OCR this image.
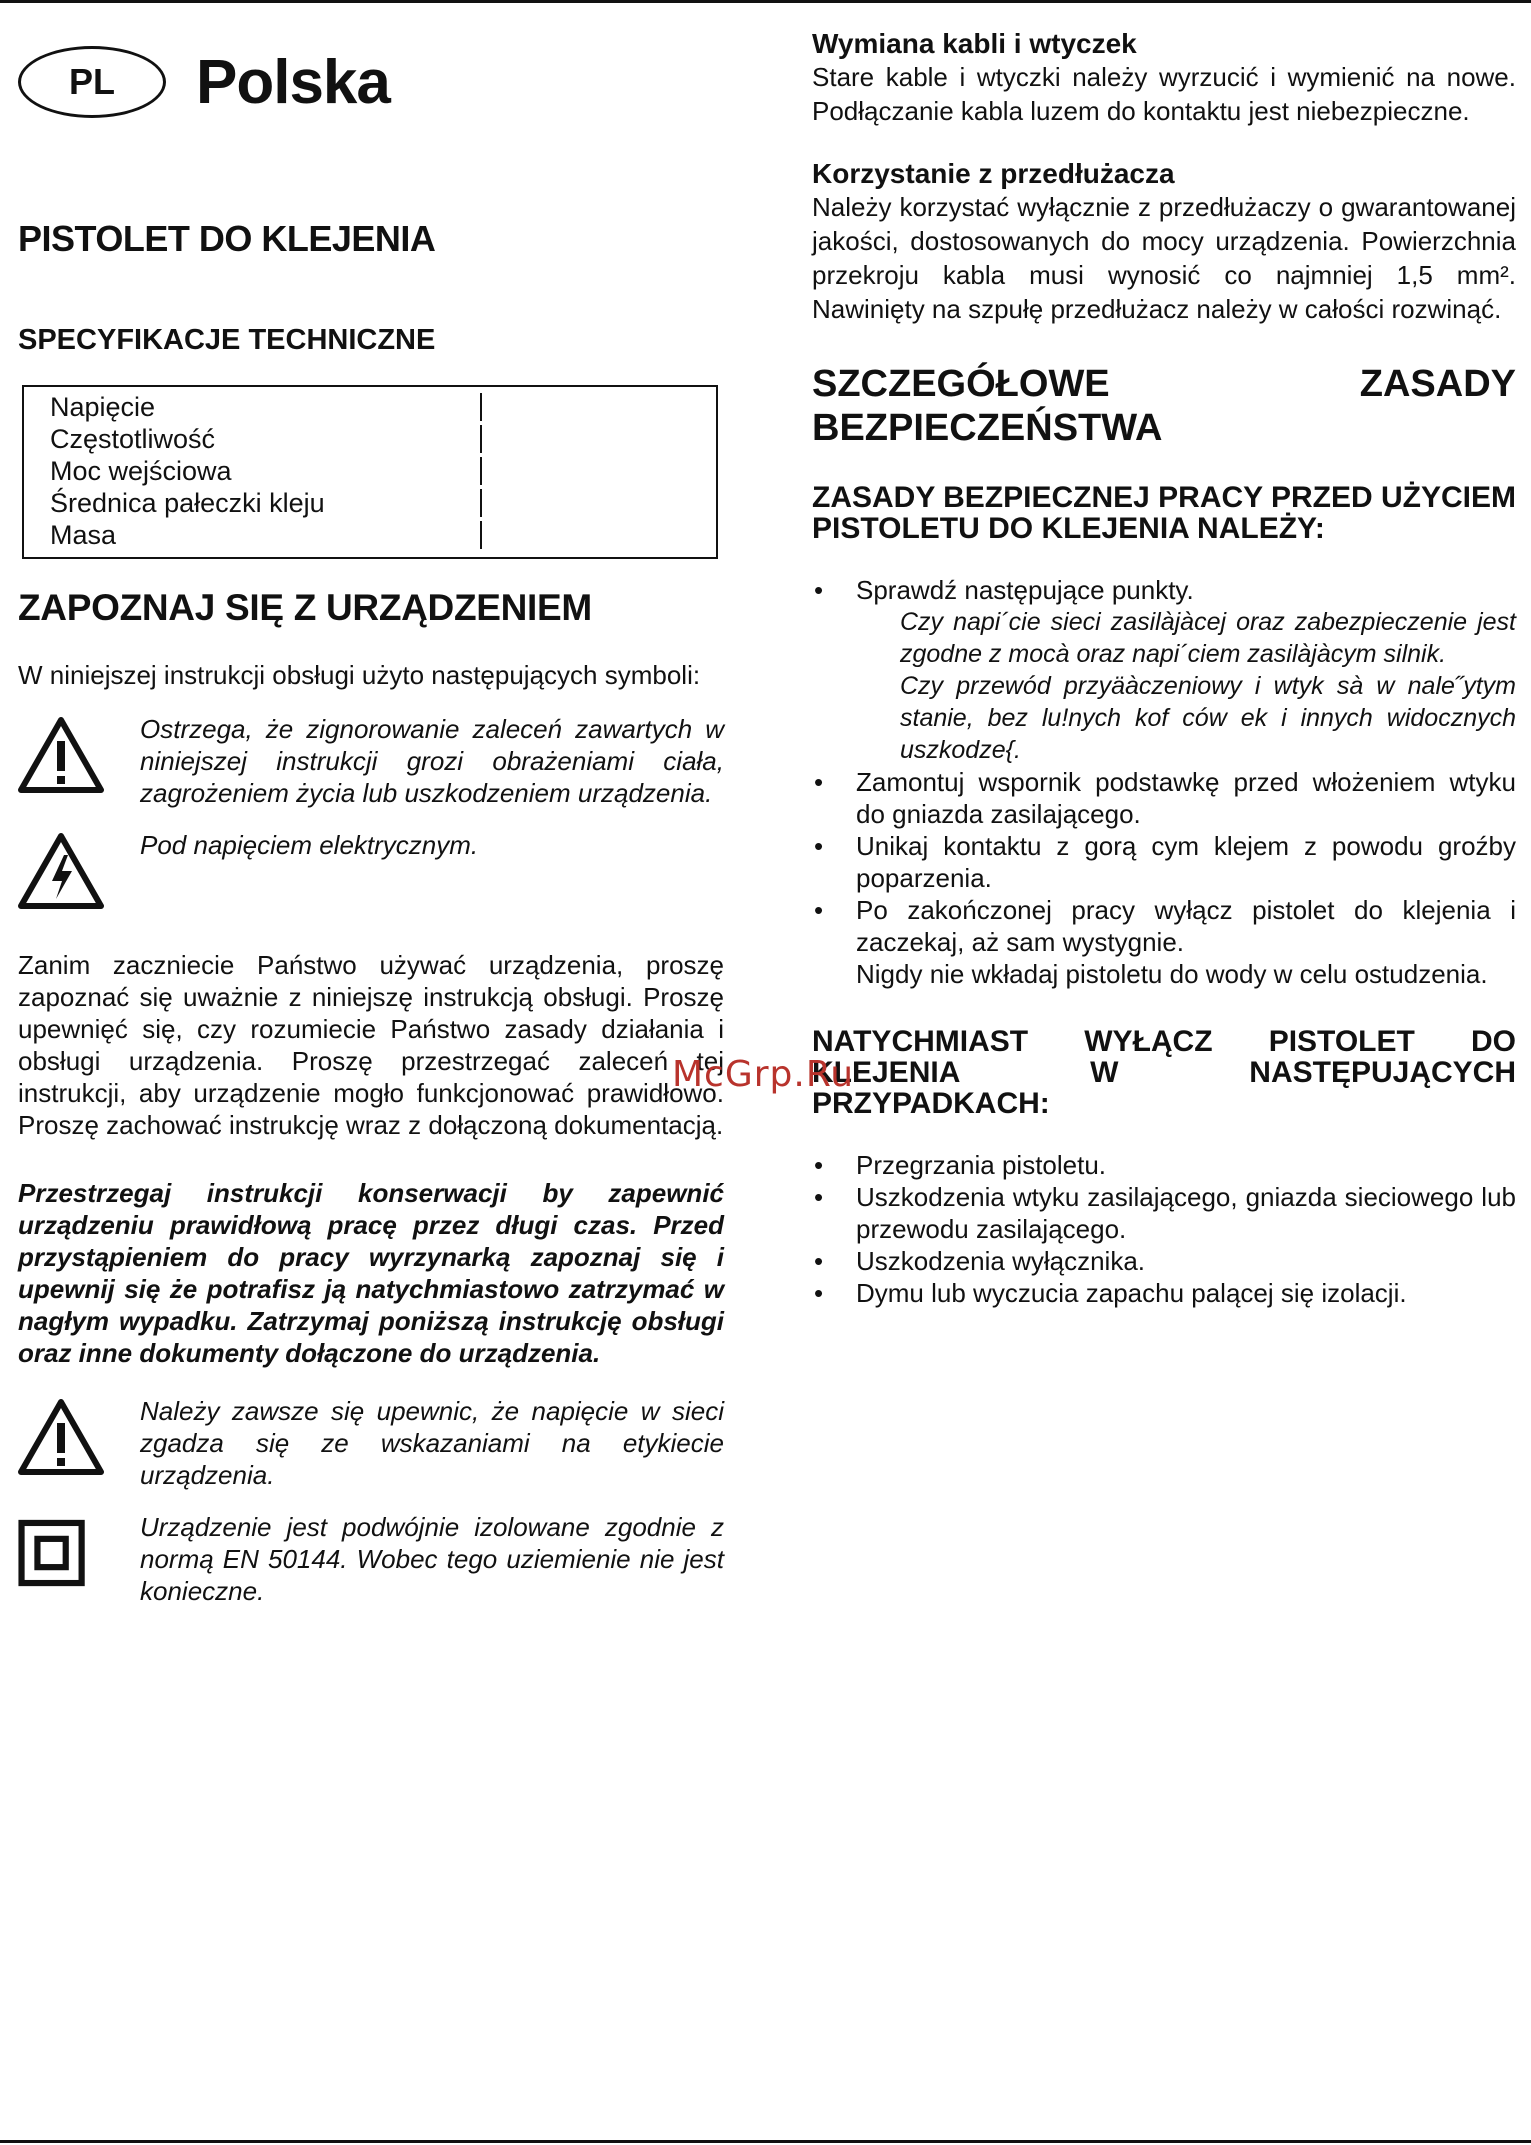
PL	Polska
PISTOLET DO KLEJENIA
SPECYFIKACJE TECHNICZNE
Napięcie
Częstotliwość
Moc wejściowa
Średnica pałeczki kleju
Masa
ZAPOZNAJ SIĘ Z URZĄDZENIEM

W niniejszej instrukcji obsługi użyto następujących symboli:

Ostrzega, że zignorowanie zaleceń zawartych w niniejszej instrukcji grozi obrażeniami ciała, zagrożeniem życia lub uszkodzeniem urządzenia.
Pod napięciem elektrycznym.

Zanim zaczniecie Państwo używać urządzenia, proszę zapoznać się uważnie z niniejszę instrukcją obsługi. Proszę upewnięć się, czy rozumiecie Państwo zasady działania i obsługi urządzenia. Proszę przestrzegać zaleceń tej instrukcji, aby urządzenie mogło funkcjonować prawidłowo. Proszę zachować instrukcję wraz z dołączoną dokumentacją.

Przestrzegaj instrukcji konserwacji by zapewnić urządzeniu prawidłową pracę przez długi czas. Przed przystąpieniem do pracy wyrzynarką zapoznaj się i upewnij się że potrafisz ją natychmiastowo zatrzymać w nagłym wypadku. Zatrzymaj poniższą instrukcję obsługi oraz inne dokumenty dołączone do urządzenia.

Należy zawsze się upewnic, że napięcie w sieci zgadza się ze wskazaniami na etykiecie urządzenia.
Urządzenie jest podwójnie izolowane zgodnie z normą EN 50144. Wobec tego uziemienie nie jest konieczne.
Wymiana kabli i wtyczek

Stare kable i wtyczki należy wyrzucić i wymienić na nowe. Podłączanie kabla luzem do kontaktu jest niebezpieczne.

Korzystanie z przedłużacza

Należy korzystać wyłącznie z przedłużaczy o gwarantowanej jakości, dostosowanych do mocy urządzenia. Powierzchnia przekroju kabla musi wynosić co najmniej 1,5 mm². Nawinięty na szpułę przedłużacz należy w całości rozwinąć.

SZCZEGÓŁOWE ZASADY BEZPIECZEŃSTWA
ZASADY BEZPIECZNEJ PRACY PRZED UŻYCIEM PISTOLETU DO KLEJENIA NALEŻY:
• Sprawdź następujące punkty.
Czy napi´cie sieci zasilàjàcej oraz zabezpieczenie jest zgodne z mocà oraz napi´ciem zasilàjàcym silnik.
Czy przewód przyäàczeniowy i wtyk sà w nale˝ytym stanie, bez lu!nych kof ców ek i innych widocznych uszkodze{.
• Zamontuj wspornik podstawkę przed włożeniem wtyku do gniazda zasilającego.
• Unikaj kontaktu z gorą cym klejem z powodu groźby poparzenia.
• Po zakończonej pracy wyłącz pistolet do klejenia i zaczekaj, aż sam wystygnie.
Nigdy nie wkładaj pistoletu do wody w celu ostudzenia.
NATYCHMIAST WYŁĄCZ PISTOLET DO KLEJENIA W NASTĘPUJĄCYCH PRZYPADKACH:
• Przegrzania pistoletu.
• Uszkodzenia wtyku zasilającego, gniazda sieciowego lub przewodu zasilającego.
• Uszkodzenia wyłącznika.
• Dymu lub wyczucia zapachu palącej się izolacji.
McGrp.Ru
